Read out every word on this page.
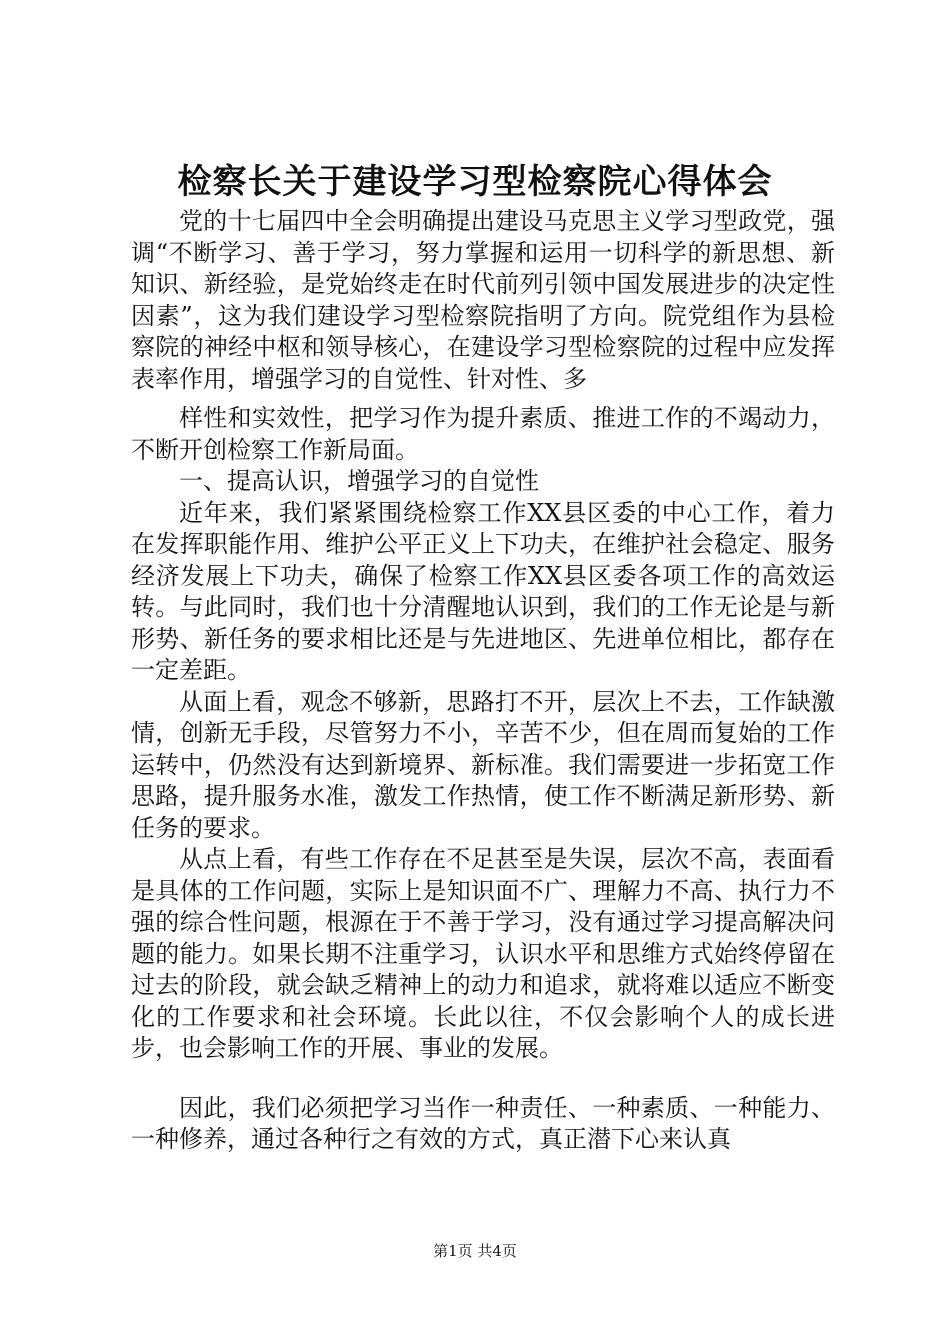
检察长关于建设学习型检察院心得体会

党的十七届四中全会明确提出建设马克思主义学习型政党，强调“不断学习、善于学习，努力掌握和运用一切科学的新思想、新知识、新经验，是党始终走在时代前列引领中国发展进步的决定性因素”，这为我们建设学习型检察院指明了方向。院党组作为县检察院的神经中枢和领导核心，在建设学习型检察院的过程中应发挥表率作用，增强学习的自觉性、针对性、多

样性和实效性，把学习作为提升素质、推进工作的不竭动力，不断开创检察工作新局面。

一、提高认识，增强学习的自觉性

近年来，我们紧紧围绕检察工作XX县区委的中心工作，着力在发挥职能作用、维护公平正义上下功夫，在维护社会稳定、服务经济发展上下功夫，确保了检察工作XX县区委各项工作的高效运转。与此同时，我们也十分清醒地认识到，我们的工作无论是与新形势、新任务的要求相比还是与先进地区、先进单位相比，都存在一定差距。

从面上看，观念不够新，思路打不开，层次上不去，工作缺激情，创新无手段，尽管努力不小，辛苦不少，但在周而复始的工作运转中，仍然没有达到新境界、新标准。我们需要进一步拓宽工作思路，提升服务水准，激发工作热情，使工作不断满足新形势、新任务的要求。

从点上看，有些工作存在不足甚至是失误，层次不高，表面看是具体的工作问题，实际上是知识面不广、理解力不高、执行力不强的综合性问题，根源在于不善于学习，没有通过学习提高解决问题的能力。如果长期不注重学习，认识水平和思维方式始终停留在过去的阶段，就会缺乏精神上的动力和追求，就将难以适应不断变化的工作要求和社会环境。长此以往，不仅会影响个人的成长进步，也会影响工作的开展、事业的发展。

因此，我们必须把学习当作一种责任、一种素质、一种能力、一种修养，通过各种行之有效的方式，真正潜下心来认真

第1页 共4页
